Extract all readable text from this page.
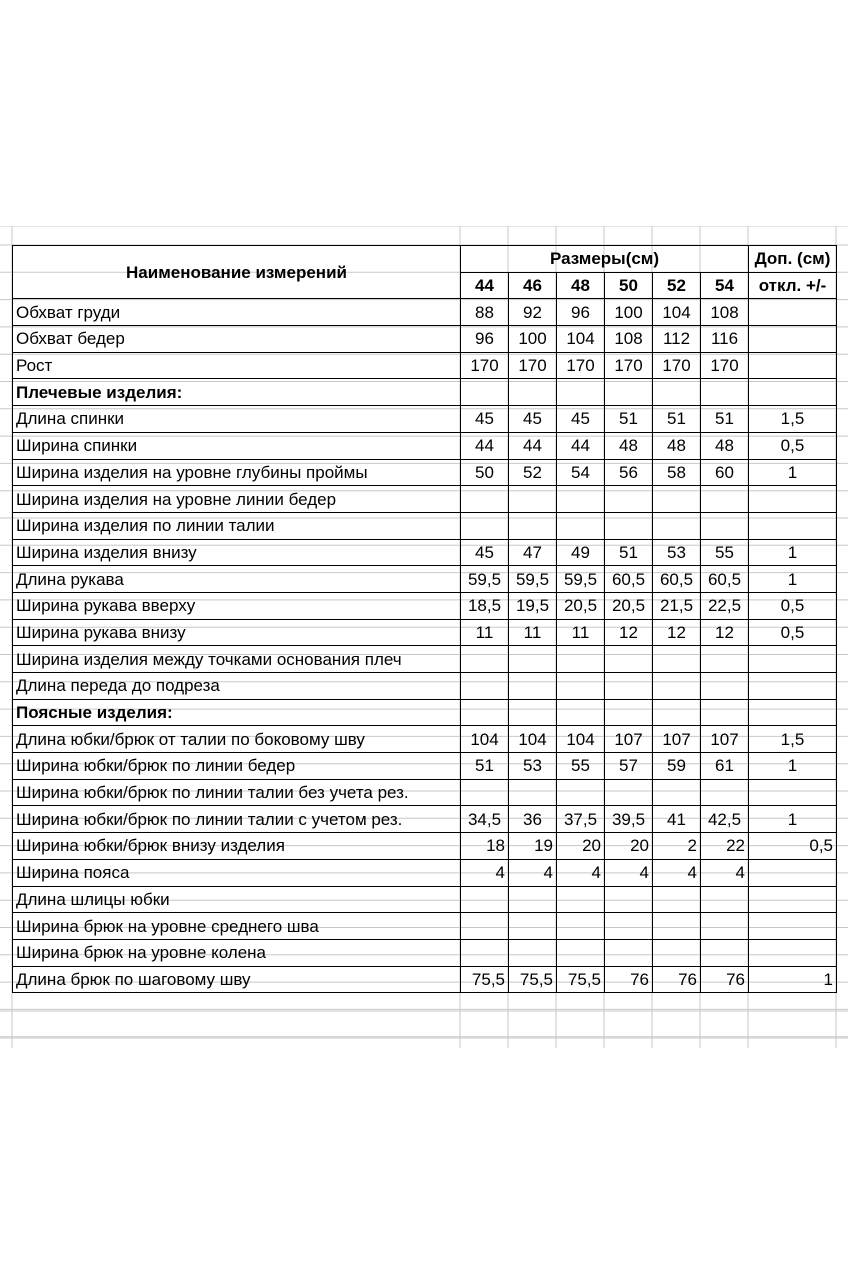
Наименование измерений	Размеры(см)						Доп. (см)
	44	46	48	50	52	54	откл. +/-
Обхват груди	88	92	96	100	104	108	
Обхват бедер	96	100	104	108	112	116	
Рост	170	170	170	170	170	170	
Плечевые изделия:							
Длина спинки	45	45	45	51	51	51	1,5
Ширина спинки	44	44	44	48	48	48	0,5
Ширина изделия на уровне глубины проймы	50	52	54	56	58	60	1
Ширина изделия на уровне линии бедер							
Ширина изделия по линии талии							
Ширина изделия внизу	45	47	49	51	53	55	1
Длина рукава	59,5	59,5	59,5	60,5	60,5	60,5	1
Ширина рукава вверху	18,5	19,5	20,5	20,5	21,5	22,5	0,5
Ширина рукава внизу	11	11	11	12	12	12	0,5
Ширина изделия между точками основания плеч							
Длина переда до подреза							
Поясные изделия:							
Длина юбки/брюк от талии по боковому шву	104	104	104	107	107	107	1,5
Ширина юбки/брюк по линии бедер	51	53	55	57	59	61	1
Ширина юбки/брюк по линии талии без учета рез.							
Ширина юбки/брюк по линии талии с учетом рез.	34,5	36	37,5	39,5	41	42,5	1
Ширина юбки/брюк внизу изделия	18	19	20	20	2	22	0,5
Ширина пояса	4	4	4	4	4	4	
Длина шлицы юбки							
Ширина брюк на уровне среднего шва							
Ширина брюк на уровне колена							
Длина брюк по шаговому шву	75,5	75,5	75,5	76	76	76	1
